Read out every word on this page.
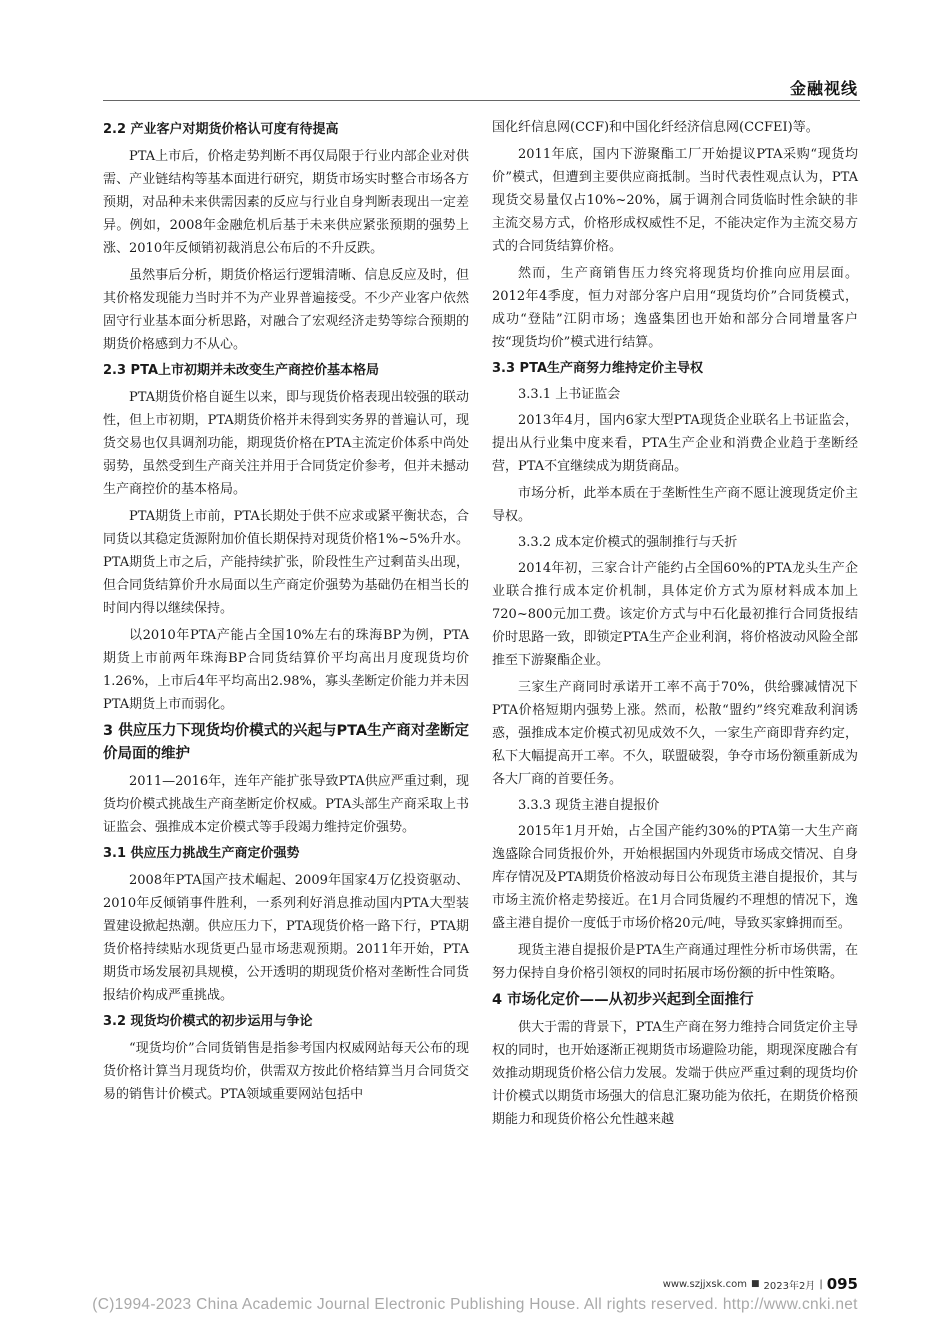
金融视线
2.2 产业客户对期货价格认可度有待提高

PTA上市后，价格走势判断不再仅局限于行业内部企业对供需、产业链结构等基本面进行研究，期货市场实时整合市场各方预期，对品种未来供需因素的反应与行业自身判断表现出一定差异。例如，2008年金融危机后基于未来供应紧张预期的强势上涨、2010年反倾销初裁消息公布后的不升反跌。

虽然事后分析，期货价格运行逻辑清晰、信息反应及时，但其价格发现能力当时并不为产业界普遍接受。不少产业客户依然固守行业基本面分析思路，对融合了宏观经济走势等综合预期的期货价格感到力不从心。

2.3 PTA上市初期并未改变生产商控价基本格局

PTA期货价格自诞生以来，即与现货价格表现出较强的联动性，但上市初期，PTA期货价格并未得到实务界的普遍认可，现货交易也仅具调剂功能，期现货价格在PTA主流定价体系中尚处弱势，虽然受到生产商关注并用于合同货定价参考，但并未撼动生产商控价的基本格局。

PTA期货上市前，PTA长期处于供不应求或紧平衡状态，合同货以其稳定货源附加价值长期保持对现货价格1%~5%升水。PTA期货上市之后，产能持续扩张，阶段性生产过剩苗头出现，但合同货结算价升水局面以生产商定价强势为基础仍在相当长的时间内得以继续保持。

以2010年PTA产能占全国10%左右的珠海BP为例，PTA期货上市前两年珠海BP合同货结算价平均高出月度现货均价1.26%，上市后4年平均高出2.98%，寡头垄断定价能力并未因PTA期货上市而弱化。

3 供应压力下现货均价模式的兴起与PTA生产商对垄断定价局面的维护

2011—2016年，连年产能扩张导致PTA供应严重过剩，现货均价模式挑战生产商垄断定价权威。PTA头部生产商采取上书证监会、强推成本定价模式等手段竭力维持定价强势。

3.1 供应压力挑战生产商定价强势

2008年PTA国产技术崛起、2009年国家4万亿投资驱动、2010年反倾销事件胜利，一系列利好消息推动国内PTA大型装置建设掀起热潮。供应压力下，PTA现货价格一路下行，PTA期货价格持续贴水现货更凸显市场悲观预期。2011年开始，PTA期货市场发展初具规模，公开透明的期现货价格对垄断性合同货报结价构成严重挑战。

3.2 现货均价模式的初步运用与争论

“现货均价”合同货销售是指参考国内权威网站每天公布的现货价格计算当月现货均价，供需双方按此价格结算当月合同货交易的销售计价模式。PTA领域重要网站包括中

国化纤信息网(CCF)和中国化纤经济信息网(CCFEI)等。

2011年底，国内下游聚酯工厂开始提议PTA采购“现货均价”模式，但遭到主要供应商抵制。当时代表性观点认为，PTA现货交易量仅占10%~20%，属于调剂合同货临时性余缺的非主流交易方式，价格形成权威性不足，不能决定作为主流交易方式的合同货结算价格。

然而，生产商销售压力终究将现货均价推向应用层面。2012年4季度，恒力对部分客户启用“现货均价”合同货模式，成功“登陆”江阴市场；逸盛集团也开始和部分合同增量客户按“现货均价”模式进行结算。

3.3 PTA生产商努力维持定价主导权
3.3.1 上书证监会

2013年4月，国内6家大型PTA现货企业联名上书证监会，提出从行业集中度来看，PTA生产企业和消费企业趋于垄断经营，PTA不宜继续成为期货商品。

市场分析，此举本质在于垄断性生产商不愿让渡现货定价主导权。

3.3.2 成本定价模式的强制推行与夭折

2014年初，三家合计产能约占全国60%的PTA龙头生产企业联合推行成本定价机制，具体定价方式为原材料成本加上720~800元加工费。该定价方式与中石化最初推行合同货报结价时思路一致，即锁定PTA生产企业利润，将价格波动风险全部推至下游聚酯企业。

三家生产商同时承诺开工率不高于70%，供给骤减情况下PTA价格短期内强势上涨。然而，松散“盟约”终究难敌利润诱惑，强推成本定价模式初见成效不久，一家生产商即背弃约定，私下大幅提高开工率。不久，联盟破裂，争夺市场份额重新成为各大厂商的首要任务。

3.3.3 现货主港自提报价

2015年1月开始，占全国产能约30%的PTA第一大生产商逸盛除合同货报价外，开始根据国内外现货市场成交情况、自身库存情况及PTA期货价格波动每日公布现货主港自提报价，其与市场主流价格走势接近。在1月合同货履约不理想的情况下，逸盛主港自提价一度低于市场价格20元/吨，导致买家蜂拥而至。

现货主港自提报价是PTA生产商通过理性分析市场供需，在努力保持自身价格引领权的同时拓展市场份额的折中性策略。

4 市场化定价——从初步兴起到全面推行

供大于需的背景下，PTA生产商在努力维持合同货定价主导权的同时，也开始逐渐正视期货市场避险功能，期现深度融合有效推动期现货价格公信力发展。发端于供应严重过剩的现货均价计价模式以期货市场强大的信息汇聚功能为依托，在期货价格预期能力和现货价格公允性越来越

www.szjjxsk.com ■ 2023年2月 | 095
(C)1994-2023 China Academic Journal Electronic Publishing House. All rights reserved. http://www.cnki.net
